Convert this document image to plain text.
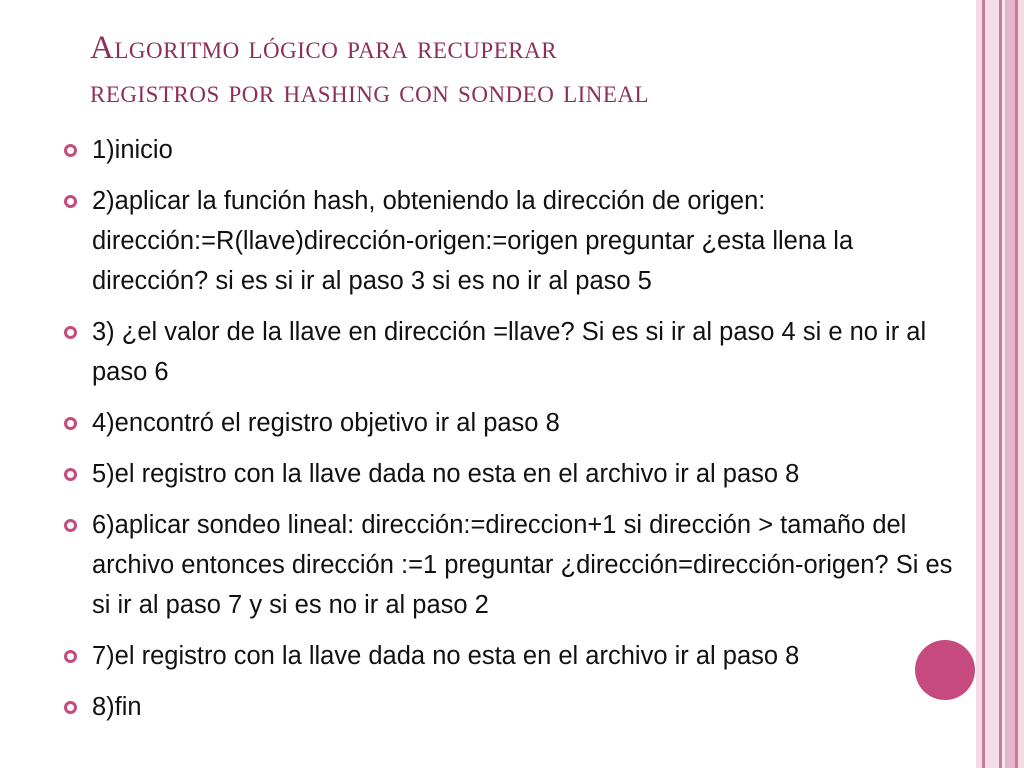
Algoritmo lógico para recuperar
registros por hashing con sondeo lineal
1)inicio
2)aplicar la función hash, obteniendo la dirección de origen: dirección:=R(llave)dirección-origen:=origen preguntar ¿esta llena la dirección? si es si ir al paso 3 si es no ir al paso 5
3) ¿el valor de la llave en dirección =llave? Si es si ir al paso 4 si e no ir al paso 6
4)encontró el registro objetivo ir al paso 8
5)el registro con la llave dada no esta en el archivo ir al paso 8
6)aplicar sondeo lineal: dirección:=direccion+1 si dirección > tamaño del archivo entonces dirección :=1 preguntar ¿dirección=dirección-origen? Si es si ir al paso 7 y si es no ir al paso 2
7)el registro con la llave dada no esta en el archivo ir al paso 8
8)fin
